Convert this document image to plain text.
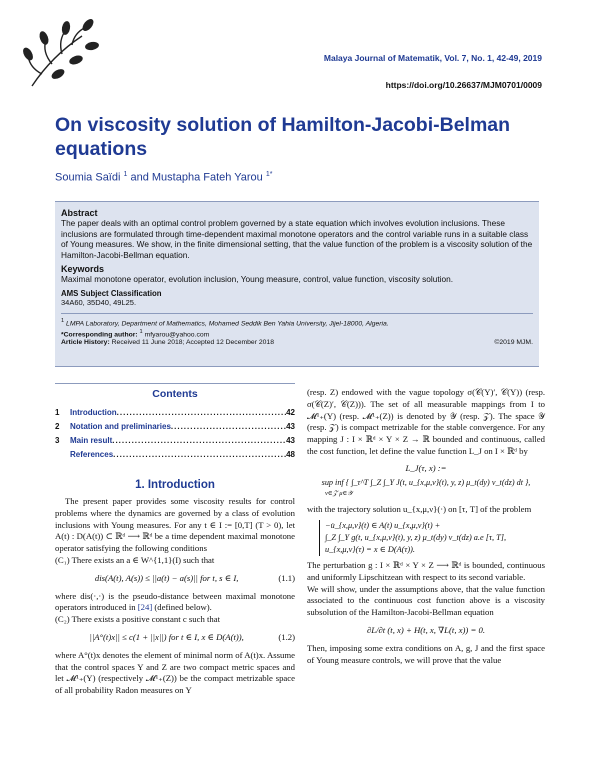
Malaya Journal of Matematik, Vol. 7, No. 1, 42-49, 2019
https://doi.org/10.26637/MJM0701/0009
On viscosity solution of Hamilton-Jacobi-Belman equations
Soumia Saïdi $^1$ and Mustapha Fateh Yarou $^{1*}$
Abstract

The paper deals with an optimal control problem governed by a state equation which involves evolution inclusions. These inclusions are formulated through time-dependent maximal monotone operators and the control variable runs in a suitable class of Young measures. We show, in the finite dimensional setting, that the value function of the problem is a viscosity solution of the Hamilton-Jacobi-Bellman equation.

Keywords

Maximal monotone operator, evolution inclusion, Young measure, control, value function, viscosity solution.

AMS Subject Classification

34A60, 35D40, 49L25.

$^1$ LMPA Laboratory, Department of Mathematics, Mohamed Seddik Ben Yahia University, Jijel-18000, Algeria.
*Corresponding author: $^1$ mfyarou@yahoo.com
Article History: Received 11 June 2018; Accepted 12 December 2018	©2019 MJM.
Contents
1	Introduction .....	42
2	Notation and preliminaries .....	43
3	Main result .....	43
References .....	48
1. Introduction

The present paper provides some viscosity results for control problems where the dynamics are governed by a class of evolution inclusions with Young measures. For any t ∈ I := [0,T] (T > 0), let A(t) : D(A(t)) ⊂ ℝᵈ ⟶ ℝᵈ be a time dependent maximal monotone operator satisfying the following conditions

(C₁) There exists an a ∈ W^{1,1}(I) such that

dis(A(t), A(s)) ≤ ||a(t) − a(s)|| for t, s ∈ I,	(1.1)

where dis(·,·) is the pseudo-distance between maximal monotone operators introduced in [24] (defined below).

(C₂) There exists a positive constant c such that

||A°(t)x|| ≤ c(1 + ||x||) for t ∈ I, x ∈ D(A(t)),	(1.2)

where A°(t)x denotes the element of minimal norm of A(t)x. Assume that the control spaces Y and Z are two compact metric spaces and let 𝓜¹₊(Y) (respectively 𝓜¹₊(Z)) be the compact metrizable space of all probability Radon measures on Y

(resp. Z) endowed with the vague topology σ(𝒞(Y)′, 𝒞(Y)) (resp. σ(𝒞(Z)′, 𝒞(Z))). The set of all measurable mappings from I to 𝓜¹₊(Y) (resp. 𝓜¹₊(Z)) is denoted by 𝒴 (resp. 𝒵). The space 𝒴 (resp. 𝒵) is compact metrizable for the stable convergence. For any mapping J : I × ℝᵈ × Y × Z → ℝ bounded and continuous, called the cost function, let define the value function L_J on I × ℝᵈ by

L_J(τ, x) :=
sup inf { ∫_τ^T ∫_Z ∫_Y J(t, u_{x,μ,ν}(t), y, z) μ_t(dy) ν_t(dz) dt },
ν∈𝒵 μ∈𝒴

with the trajectory solution u_{x,μ,ν}(·) on [τ, T] of the problem

−u̇_{x,μ,ν}(t) ∈ A(t) u_{x,μ,ν}(t) +
∫_Z ∫_Y g(t, u_{x,μ,ν}(t), y, z) μ_t(dy) ν_t(dz) a.e [τ, T],
u_{x,μ,ν}(τ) = x ∈ D(A(τ)).

The perturbation g : I × ℝᵈ × Y × Z ⟶ ℝᵈ is bounded, continuous and uniformly Lipschitzean with respect to its second variable.

We will show, under the assumptions above, that the value function associated to the continuous cost function above is a viscosity subsolution of the Hamilton-Jacobi-Bellman equation

∂L/∂t (t, x) + H(t, x, ∇L(t, x)) = 0.

Then, imposing some extra conditions on A, g, J and the first space of Young measure controls, we will prove that the value
